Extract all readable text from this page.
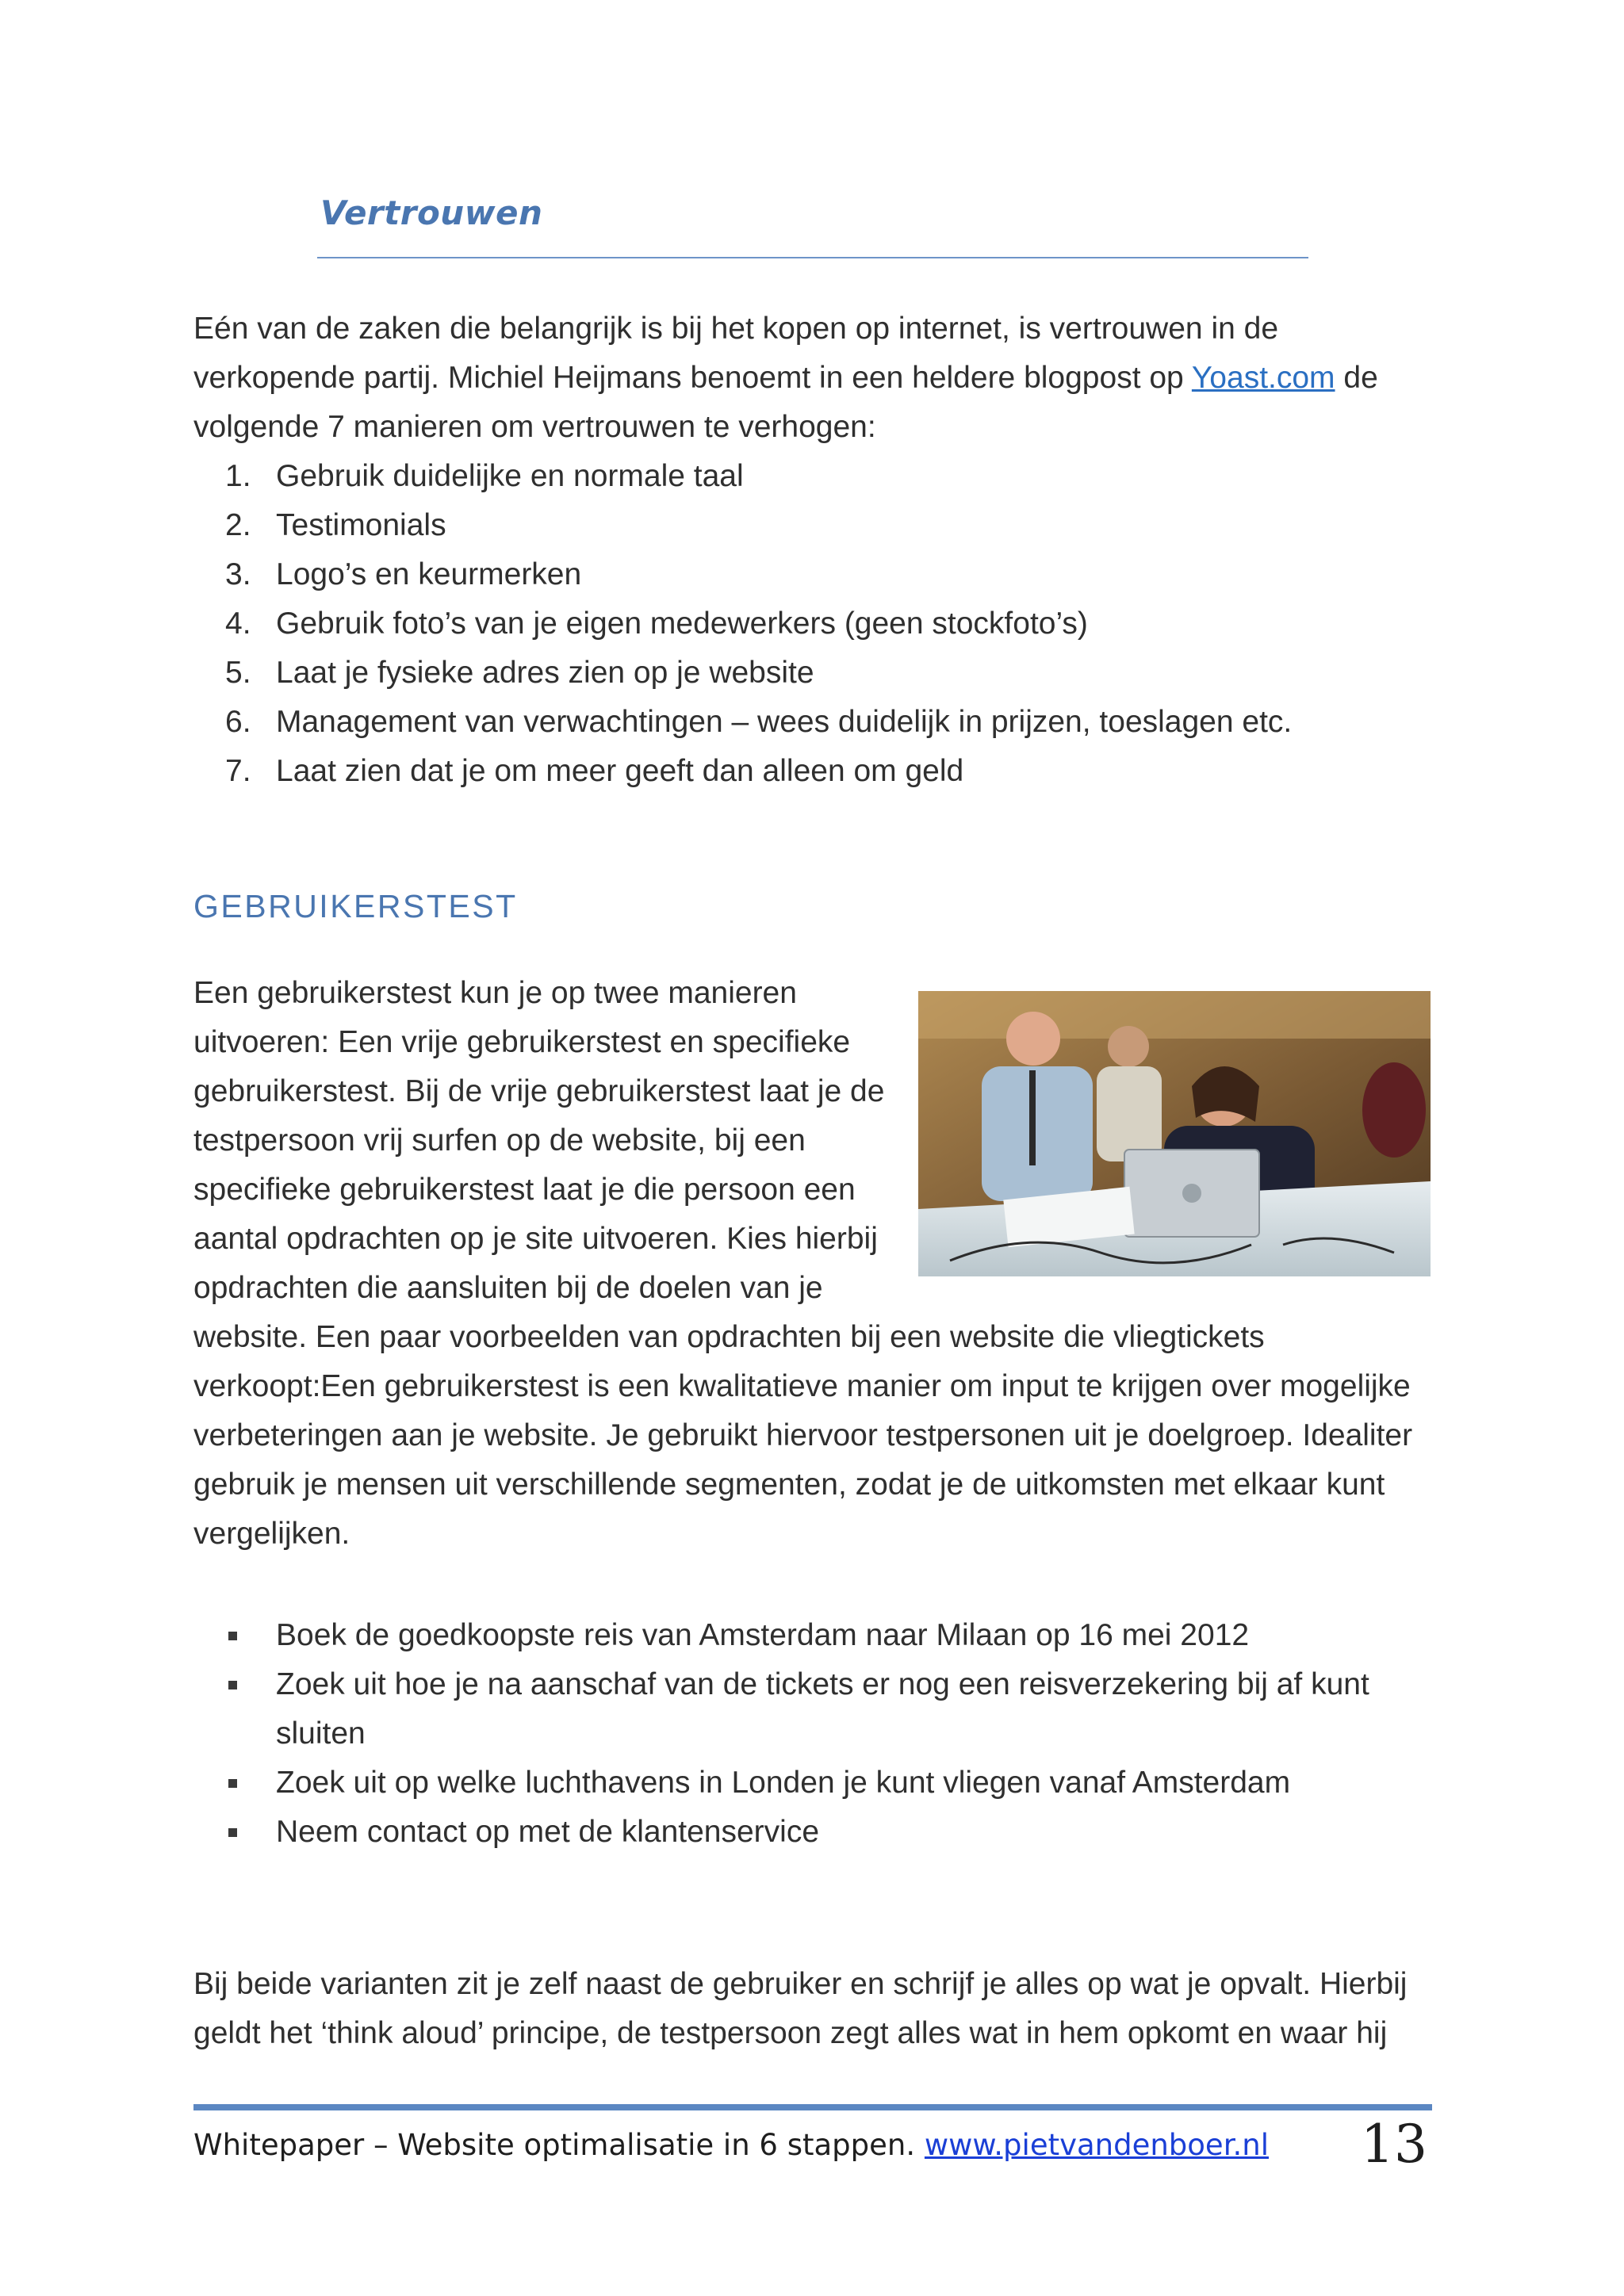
Vertrouwen
Eén van de zaken die belangrijk is bij het kopen op internet, is vertrouwen in de verkopende partij. Michiel Heijmans benoemt in een heldere blogpost op Yoast.com de volgende 7 manieren om vertrouwen te verhogen:
1. Gebruik duidelijke en normale taal
2. Testimonials
3. Logo’s en keurmerken
4. Gebruik foto’s van je eigen medewerkers (geen stockfoto’s)
5. Laat je fysieke adres zien op je website
6. Management van verwachtingen – wees duidelijk in prijzen, toeslagen etc.
7. Laat zien dat je om meer geeft dan alleen om geld
GEBRUIKERSTEST
Een gebruikerstest kun je op twee manieren uitvoeren: Een vrije gebruikerstest en specifieke gebruikerstest. Bij de vrije gebruikerstest laat je de testpersoon vrij surfen op de website, bij een specifieke gebruikerstest laat je die persoon een aantal opdrachten op je site uitvoeren. Kies hierbij opdrachten die aansluiten bij de doelen van je
website. Een paar voorbeelden van opdrachten bij een website die vliegtickets verkoopt:Een gebruikerstest is een kwalitatieve manier om input te krijgen over mogelijke verbeteringen aan je website. Je gebruikt hiervoor testpersonen uit je doelgroep. Idealiter gebruik je mensen uit verschillende segmenten, zodat je de uitkomsten met elkaar kunt vergelijken.
Boek de goedkoopste reis van Amsterdam naar Milaan op 16 mei 2012
Zoek uit hoe je na aanschaf van de tickets er nog een reisverzekering bij af kunt sluiten
Zoek uit op welke luchthavens in Londen je kunt vliegen vanaf Amsterdam
Neem contact op met de klantenservice
Bij beide varianten zit je zelf naast de gebruiker en schrijf je alles op wat je opvalt. Hierbij geldt het ‘think aloud’ principe, de testpersoon zegt alles wat in hem opkomt en waar hij
Whitepaper – Website optimalisatie in 6 stappen. www.pietvandenboer.nl 13
